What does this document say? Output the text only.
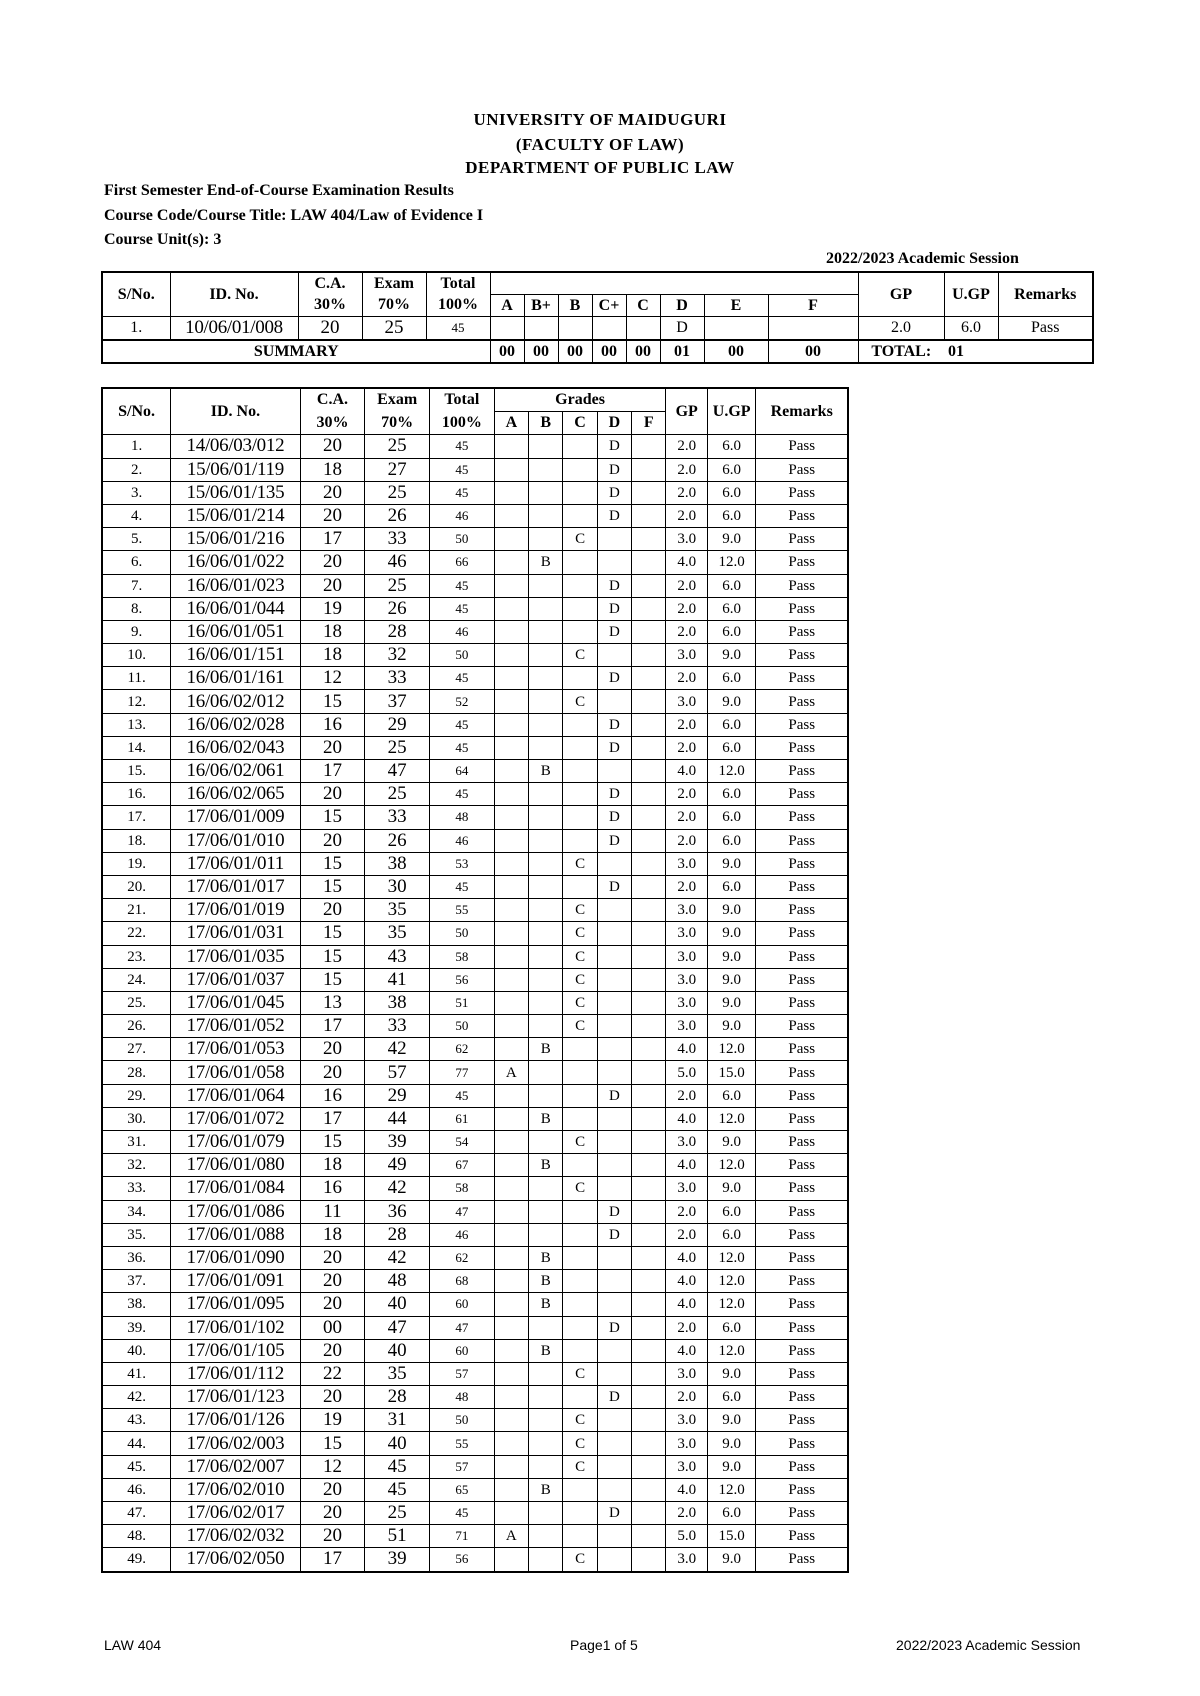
UNIVERSITY OF MAIDUGURI
(FACULTY OF LAW)
DEPARTMENT OF PUBLIC LAW
First Semester End-of-Course Examination Results
Course Code/Course Title: LAW 404/Law of Evidence I
Course Unit(s): 3
2022/2023 Academic Session
S/No.	ID. No.	C.A.	Exam	Total									GP	U.GP	Remarks
		30%	70%	100%	A	B+	B	C+	C	D	E	F			
1.	10/06/01/008	20	25	45						D			2.0	6.0	Pass
SUMMARY					00	00	00	00	00	01	00	00	TOTAL:	01	
S/No.	ID. No.	C.A.	Exam	Total	Grades					GP	U.GP	Remarks
		30%	70%	100%	A	B	C	D	F			
1.	14/06/03/012	20	25	45				D		2.0	6.0	Pass
2.	15/06/01/119	18	27	45				D		2.0	6.0	Pass
3.	15/06/01/135	20	25	45				D		2.0	6.0	Pass
4.	15/06/01/214	20	26	46				D		2.0	6.0	Pass
5.	15/06/01/216	17	33	50			C			3.0	9.0	Pass
6.	16/06/01/022	20	46	66		B				4.0	12.0	Pass
7.	16/06/01/023	20	25	45				D		2.0	6.0	Pass
8.	16/06/01/044	19	26	45				D		2.0	6.0	Pass
9.	16/06/01/051	18	28	46				D		2.0	6.0	Pass
10.	16/06/01/151	18	32	50			C			3.0	9.0	Pass
11.	16/06/01/161	12	33	45				D		2.0	6.0	Pass
12.	16/06/02/012	15	37	52			C			3.0	9.0	Pass
13.	16/06/02/028	16	29	45				D		2.0	6.0	Pass
14.	16/06/02/043	20	25	45				D		2.0	6.0	Pass
15.	16/06/02/061	17	47	64		B				4.0	12.0	Pass
16.	16/06/02/065	20	25	45				D		2.0	6.0	Pass
17.	17/06/01/009	15	33	48				D		2.0	6.0	Pass
18.	17/06/01/010	20	26	46				D		2.0	6.0	Pass
19.	17/06/01/011	15	38	53			C			3.0	9.0	Pass
20.	17/06/01/017	15	30	45				D		2.0	6.0	Pass
21.	17/06/01/019	20	35	55			C			3.0	9.0	Pass
22.	17/06/01/031	15	35	50			C			3.0	9.0	Pass
23.	17/06/01/035	15	43	58			C			3.0	9.0	Pass
24.	17/06/01/037	15	41	56			C			3.0	9.0	Pass
25.	17/06/01/045	13	38	51			C			3.0	9.0	Pass
26.	17/06/01/052	17	33	50			C			3.0	9.0	Pass
27.	17/06/01/053	20	42	62		B				4.0	12.0	Pass
28.	17/06/01/058	20	57	77	A					5.0	15.0	Pass
29.	17/06/01/064	16	29	45				D		2.0	6.0	Pass
30.	17/06/01/072	17	44	61		B				4.0	12.0	Pass
31.	17/06/01/079	15	39	54			C			3.0	9.0	Pass
32.	17/06/01/080	18	49	67		B				4.0	12.0	Pass
33.	17/06/01/084	16	42	58			C			3.0	9.0	Pass
34.	17/06/01/086	11	36	47				D		2.0	6.0	Pass
35.	17/06/01/088	18	28	46				D		2.0	6.0	Pass
36.	17/06/01/090	20	42	62		B				4.0	12.0	Pass
37.	17/06/01/091	20	48	68		B				4.0	12.0	Pass
38.	17/06/01/095	20	40	60		B				4.0	12.0	Pass
39.	17/06/01/102	00	47	47				D		2.0	6.0	Pass
40.	17/06/01/105	20	40	60		B				4.0	12.0	Pass
41.	17/06/01/112	22	35	57			C			3.0	9.0	Pass
42.	17/06/01/123	20	28	48				D		2.0	6.0	Pass
43.	17/06/01/126	19	31	50			C			3.0	9.0	Pass
44.	17/06/02/003	15	40	55			C			3.0	9.0	Pass
45.	17/06/02/007	12	45	57			C			3.0	9.0	Pass
46.	17/06/02/010	20	45	65		B				4.0	12.0	Pass
47.	17/06/02/017	20	25	45				D		2.0	6.0	Pass
48.	17/06/02/032	20	51	71	A					5.0	15.0	Pass
49.	17/06/02/050	17	39	56			C			3.0	9.0	Pass
LAW 404	Page1 of 5	2022/2023 Academic Session
